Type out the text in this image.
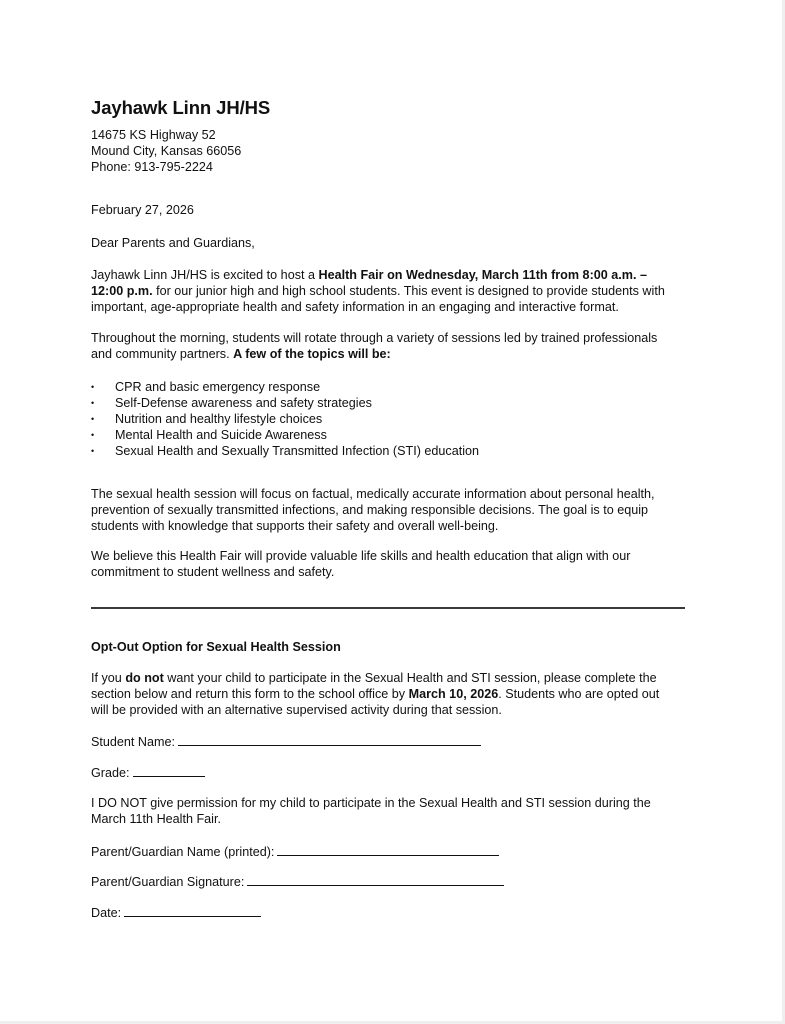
Jayhawk Linn JH/HS
14675 KS Highway 52
Mound City, Kansas 66056
Phone: 913-795-2224
February 27, 2026
Dear Parents and Guardians,
Jayhawk Linn JH/HS is excited to host a Health Fair on Wednesday, March 11th from 8:00 a.m. –
12:00 p.m. for our junior high and high school students. This event is designed to provide students with
important, age-appropriate health and safety information in an engaging and interactive format.
Throughout the morning, students will rotate through a variety of sessions led by trained professionals
and community partners. A few of the topics will be:
• CPR and basic emergency response
• Self-Defense awareness and safety strategies
• Nutrition and healthy lifestyle choices
• Mental Health and Suicide Awareness
• Sexual Health and Sexually Transmitted Infection (STI) education
The sexual health session will focus on factual, medically accurate information about personal health,
prevention of sexually transmitted infections, and making responsible decisions. The goal is to equip
students with knowledge that supports their safety and overall well-being.
We believe this Health Fair will provide valuable life skills and health education that align with our
commitment to student wellness and safety.
Opt-Out Option for Sexual Health Session
If you do not want your child to participate in the Sexual Health and STI session, please complete the
section below and return this form to the school office by March 10, 2026. Students who are opted out
will be provided with an alternative supervised activity during that session.
Student Name:
Grade:
I DO NOT give permission for my child to participate in the Sexual Health and STI session during the
March 11th Health Fair.
Parent/Guardian Name (printed):
Parent/Guardian Signature:
Date:
